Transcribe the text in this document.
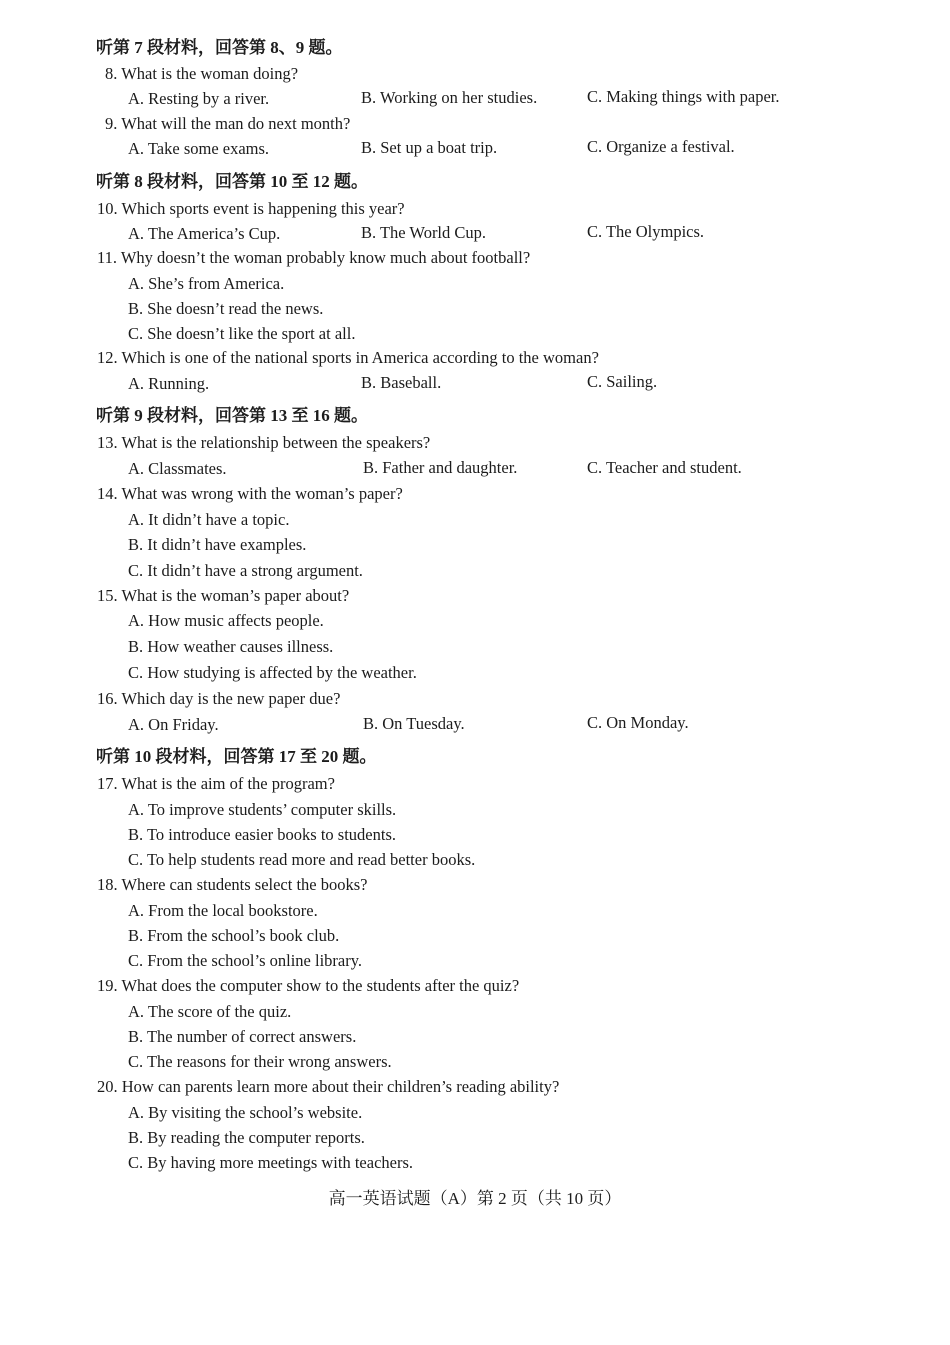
听第 7 段材料，回答第 8、9 题。
8. What is the woman doing?
A. Resting by a river.	B. Working on her studies.	C. Making things with paper.
9. What will the man do next month?
A. Take some exams.	B. Set up a boat trip.	C. Organize a festival.
听第 8 段材料，回答第 10 至 12 题。
10. Which sports event is happening this year?
A. The America’s Cup.	B. The World Cup.	C. The Olympics.
11. Why doesn’t the woman probably know much about football?
A. She’s from America.
B. She doesn’t read the news.
C. She doesn’t like the sport at all.
12. Which is one of the national sports in America according to the woman?
A. Running.	B. Baseball.	C. Sailing.
听第 9 段材料，回答第 13 至 16 题。
13. What is the relationship between the speakers?
A. Classmates.	B. Father and daughter.	C. Teacher and student.
14. What was wrong with the woman’s paper?
A. It didn’t have a topic.
B. It didn’t have examples.
C. It didn’t have a strong argument.
15. What is the woman’s paper about?
A. How music affects people.
B. How weather causes illness.
C. How studying is affected by the weather.
16. Which day is the new paper due?
A. On Friday.	B. On Tuesday.	C. On Monday.
听第 10 段材料，回答第 17 至 20 题。
17. What is the aim of the program?
A. To improve students’ computer skills.
B. To introduce easier books to students.
C. To help students read more and read better books.
18. Where can students select the books?
A. From the local bookstore.
B. From the school’s book club.
C. From the school’s online library.
19. What does the computer show to the students after the quiz?
A. The score of the quiz.
B. The number of correct answers.
C. The reasons for their wrong answers.
20. How can parents learn more about their children’s reading ability?
A. By visiting the school’s website.
B. By reading the computer reports.
C. By having more meetings with teachers.
高一英语试题（A）第 2 页（共 10 页）
